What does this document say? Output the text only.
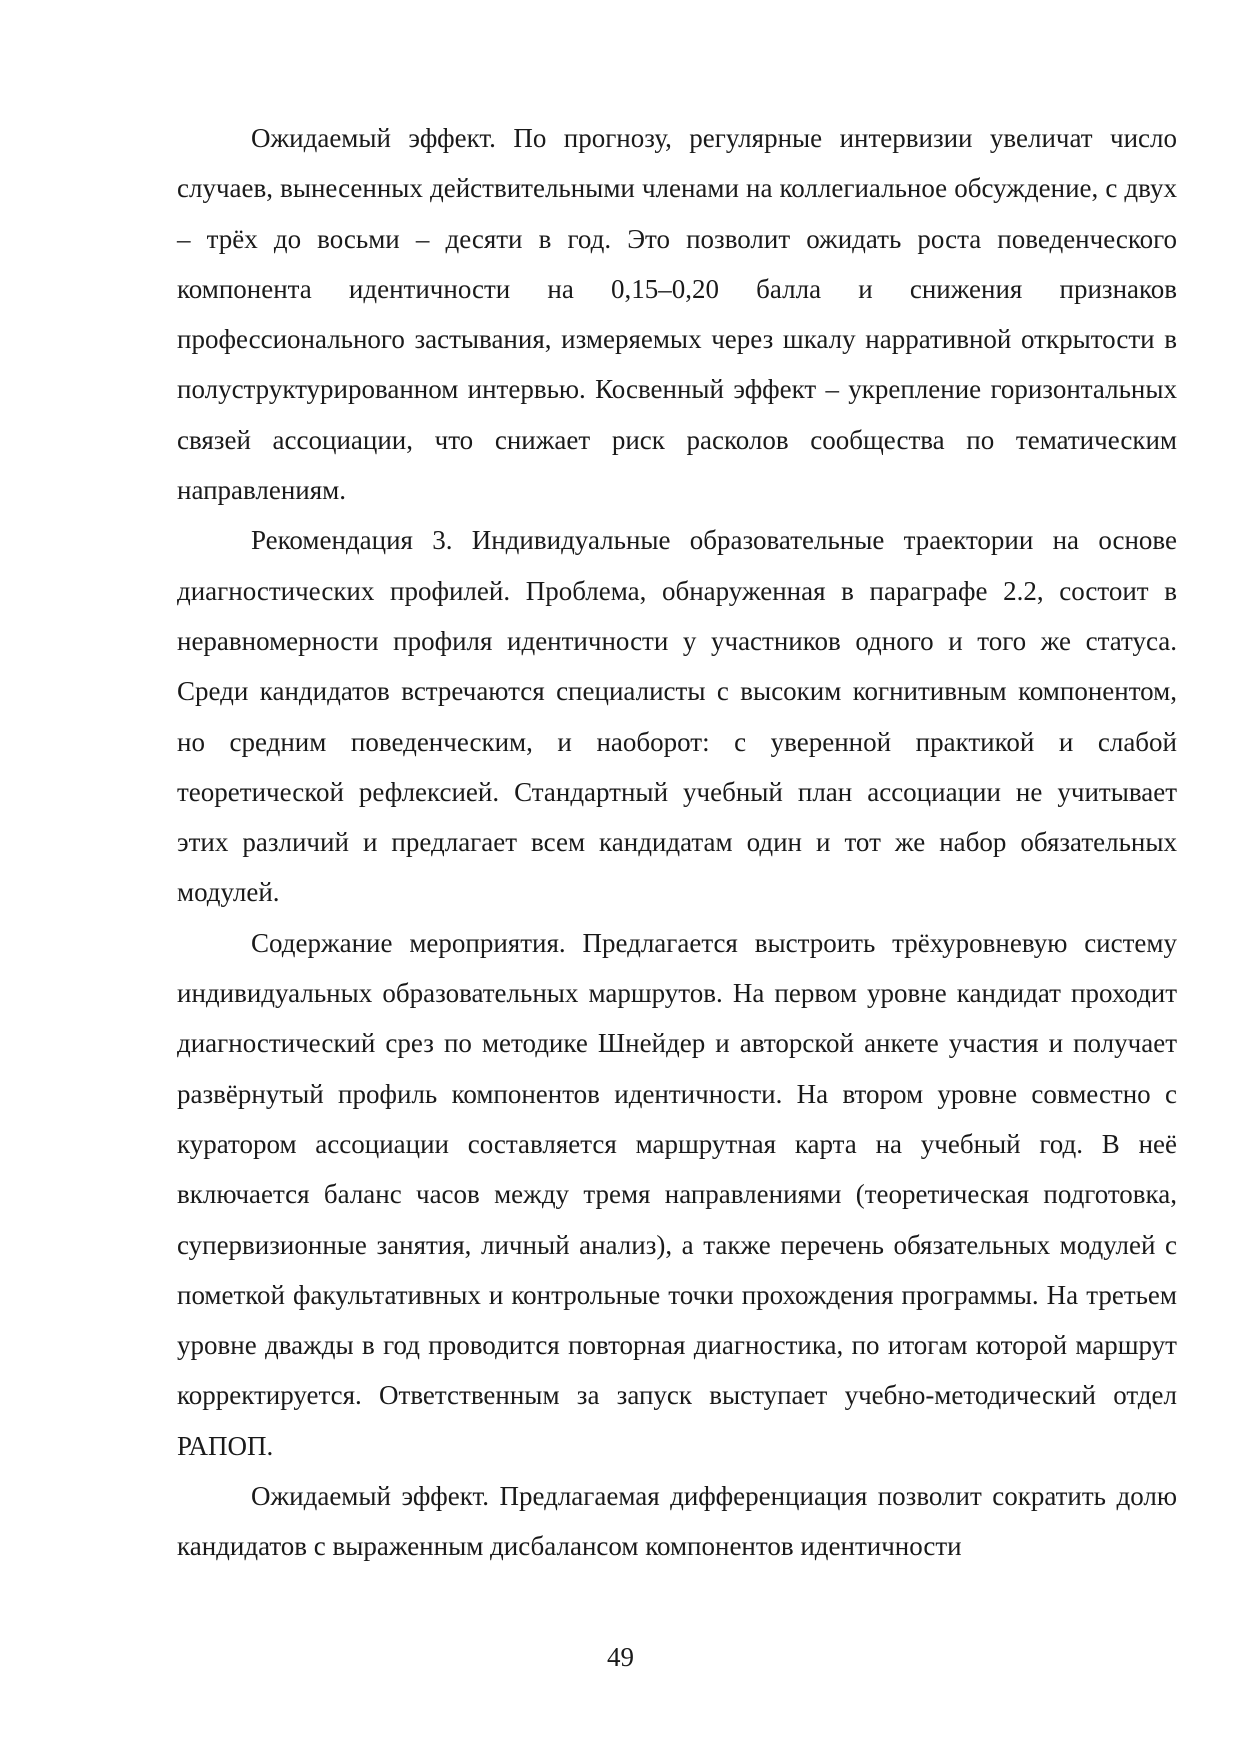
Ожидаемый эффект. По прогнозу, регулярные интервизии увеличат число случаев, вынесенных действительными членами на коллегиальное обсуждение, с двух – трёх до восьми – десяти в год. Это позволит ожидать роста поведенческого компонента идентичности на 0,15–0,20 балла и снижения признаков профессионального застывания, измеряемых через шкалу нарративной открытости в полуструктурированном интервью. Косвенный эффект – укрепление горизонтальных связей ассоциации, что снижает риск расколов сообщества по тематическим направлениям.

Рекомендация 3. Индивидуальные образовательные траектории на основе диагностических профилей. Проблема, обнаруженная в параграфе 2.2, состоит в неравномерности профиля идентичности у участников одного и того же статуса. Среди кандидатов встречаются специалисты с высоким когнитивным компонентом, но средним поведенческим, и наоборот: с уверенной практикой и слабой теоретической рефлексией. Стандартный учебный план ассоциации не учитывает этих различий и предлагает всем кандидатам один и тот же набор обязательных модулей.

Содержание мероприятия. Предлагается выстроить трёхуровневую систему индивидуальных образовательных маршрутов. На первом уровне кандидат проходит диагностический срез по методике Шнейдер и авторской анкете участия и получает развёрнутый профиль компонентов идентичности. На втором уровне совместно с куратором ассоциации составляется маршрутная карта на учебный год. В неё включается баланс часов между тремя направлениями (теоретическая подготовка, супервизионные занятия, личный анализ), а также перечень обязательных модулей с пометкой факультативных и контрольные точки прохождения программы. На третьем уровне дважды в год проводится повторная диагностика, по итогам которой маршрут корректируется. Ответственным за запуск выступает учебно-методический отдел РАПОП.

Ожидаемый эффект. Предлагаемая дифференциация позволит сократить долю кандидатов с выраженным дисбалансом компонентов идентичности

49
